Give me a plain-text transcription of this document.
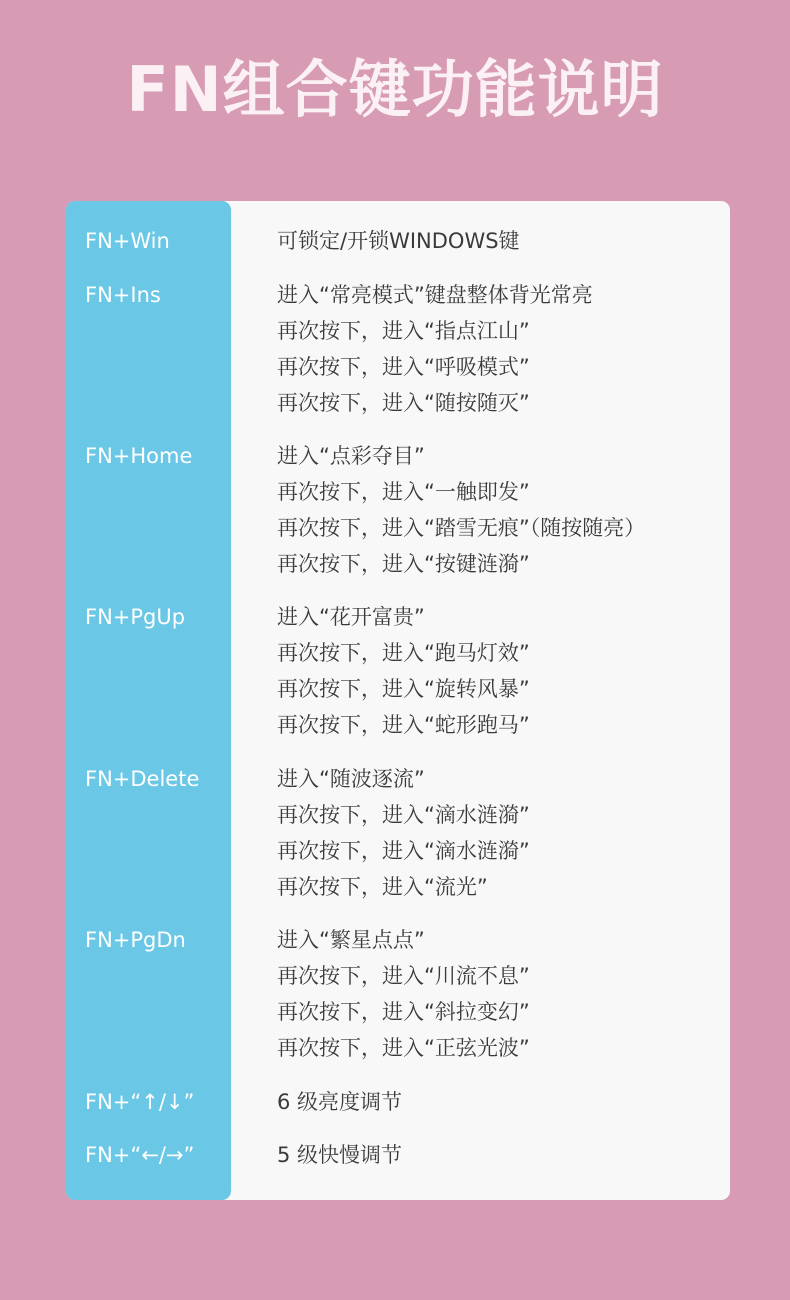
FN组合键功能说明
FN+Win	可锁定/开锁WINDOWS键
FN+Ins	进入“常亮模式”键盘整体背光常亮
再次按下，进入“指点江山”
再次按下，进入“呼吸模式”
再次按下，进入“随按随灭”
FN+Home	进入“点彩夺目”
再次按下，进入“一触即发”
再次按下，进入“踏雪无痕”（随按随亮）
再次按下，进入“按键涟漪”
FN+PgUp	进入“花开富贵”
再次按下，进入“跑马灯效”
再次按下，进入“旋转风暴”
再次按下，进入“蛇形跑马”
FN+Delete	进入“随波逐流”
再次按下，进入“滴水涟漪”
再次按下，进入“滴水涟漪”
再次按下，进入“流光”
FN+PgDn	进入“繁星点点”
再次按下，进入“川流不息”
再次按下，进入“斜拉变幻”
再次按下，进入“正弦光波”
FN+“↑/↓”	6 级亮度调节
FN+“←/→”	5 级快慢调节
